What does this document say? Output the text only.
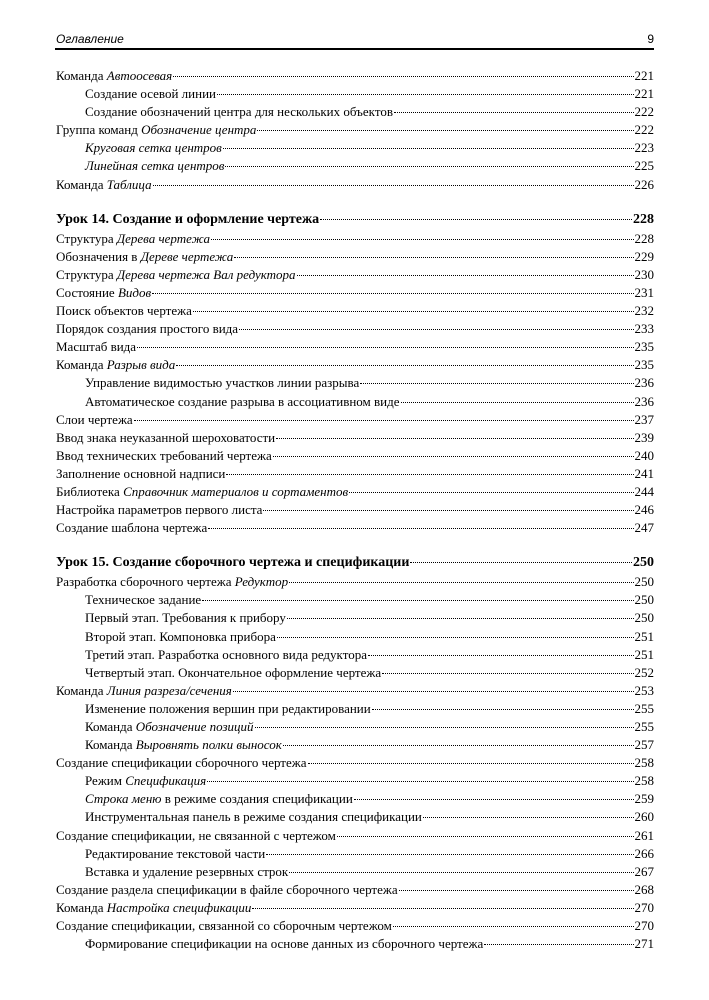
Оглавление	9
Команда Автоосевая	221
Создание осевой линии	221
Создание обозначений центра для нескольких объектов	222
Группа команд Обозначение центра	222
Круговая сетка центров	223
Линейная сетка центров	225
Команда Таблица	226
Урок 14. Создание и оформление чертежа	228
Структура Дерева чертежа	228
Обозначения в Дереве чертежа	229
Структура Дерева чертежа Вал редуктора	230
Состояние Видов	231
Поиск объектов чертежа	232
Порядок создания простого вида	233
Масштаб вида	235
Команда Разрыв вида	235
Управление видимостью участков линии разрыва	236
Автоматическое создание разрыва в ассоциативном виде	236
Слои чертежа	237
Ввод знака неуказанной шероховатости	239
Ввод технических требований чертежа	240
Заполнение основной надписи	241
Библиотека Справочник материалов и сортаментов	244
Настройка параметров первого листа	246
Создание шаблона чертежа	247
Урок 15. Создание сборочного чертежа и спецификации	250
Разработка сборочного чертежа Редуктор	250
Техническое задание	250
Первый этап. Требования к прибору	250
Второй этап. Компоновка прибора	251
Третий этап. Разработка основного вида редуктора	251
Четвертый этап. Окончательное оформление чертежа	252
Команда Линия разреза/сечения	253
Изменение положения вершин при редактировании	255
Команда Обозначение позиций	255
Команда Выровнять полки выносок	257
Создание спецификации сборочного чертежа	258
Режим Спецификация	258
Строка меню в режиме создания спецификации	259
Инструментальная панель в режиме создания спецификации	260
Создание спецификации, не связанной с чертежом	261
Редактирование текстовой части	266
Вставка и удаление резервных строк	267
Создание раздела спецификации в файле сборочного чертежа	268
Команда Настройка спецификации	270
Создание спецификации, связанной со сборочным чертежом	270
Формирование спецификации на основе данных из сборочного чертежа	271
